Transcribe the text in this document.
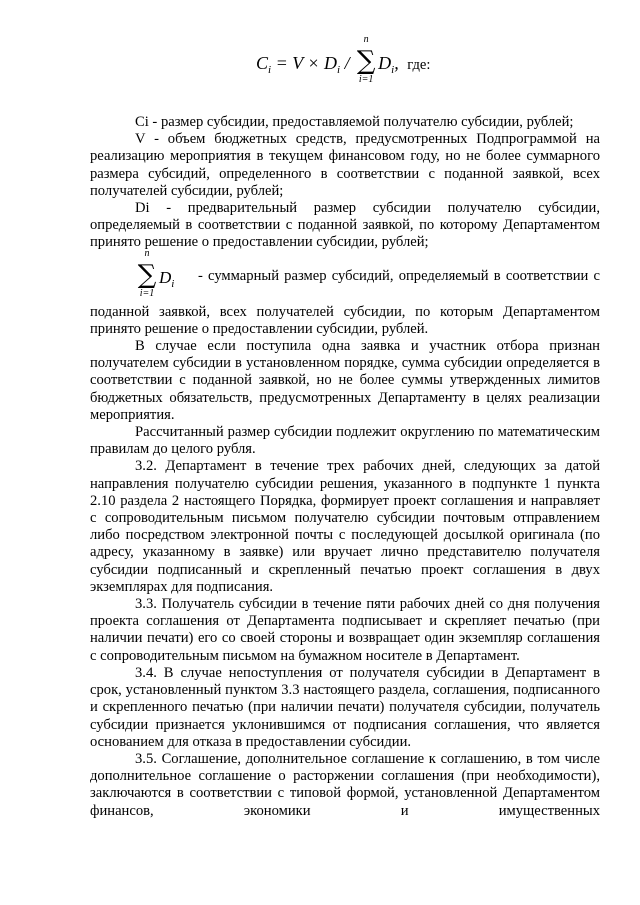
$C_i = V \times D_i$ /
n
∑
i=1
$D_i$, где:

Ci - размер субсидии, предоставляемой получателю субсидии, рублей;

V - объем бюджетных средств, предусмотренных Подпрограммой на реализацию мероприятия в текущем финансовом году, но не более суммарного размера субсидий, определенного в соответствии с поданной заявкой, всех получателей субсидии, рублей;

Di - предварительный размер субсидии получателю субсидии, определяемый в соответствии с поданной заявкой, по которому Департаментом принято решение о предоставлении субсидии, рублей;

n
∑
i=1
$D_i$ - суммарный размер субсидий, определяемый в соответствии с

поданной заявкой, всех получателей субсидии, по которым Департаментом принято решение о предоставлении субсидии, рублей.

В случае если поступила одна заявка и участник отбора признан получателем субсидии в установленном порядке, сумма субсидии определяется в соответствии с поданной заявкой, но не более суммы утвержденных лимитов бюджетных обязательств, предусмотренных Департаменту в целях реализации мероприятия.

Рассчитанный размер субсидии подлежит округлению по математическим правилам до целого рубля.

3.2. Департамент в течение трех рабочих дней, следующих за датой направления получателю субсидии решения, указанного в подпункте 1 пункта 2.10 раздела 2 настоящего Порядка, формирует проект соглашения и направляет с сопроводительным письмом получателю субсидии почтовым отправлением либо посредством электронной почты с последующей досылкой оригинала (по адресу, указанному в заявке) или вручает лично представителю получателя субсидии подписанный и скрепленный печатью проект соглашения в двух экземплярах для подписания.

3.3. Получатель субсидии в течение пяти рабочих дней со дня получения проекта соглашения от Департамента подписывает и скрепляет печатью (при наличии печати) его со своей стороны и возвращает один экземпляр соглашения с сопроводительным письмом на бумажном носителе в Департамент.

3.4. В случае непоступления от получателя субсидии в Департамент в срок, установленный пунктом 3.3 настоящего раздела, соглашения, подписанного и скрепленного печатью (при наличии печати) получателя субсидии, получатель субсидии признается уклонившимся от подписания соглашения, что является основанием для отказа в предоставлении субсидии.

3.5. Соглашение, дополнительное соглашение к соглашению, в том числе дополнительное соглашение о расторжении соглашения (при необходимости), заключаются в соответствии с типовой формой, установленной Департаментом финансов, экономики и имущественных
